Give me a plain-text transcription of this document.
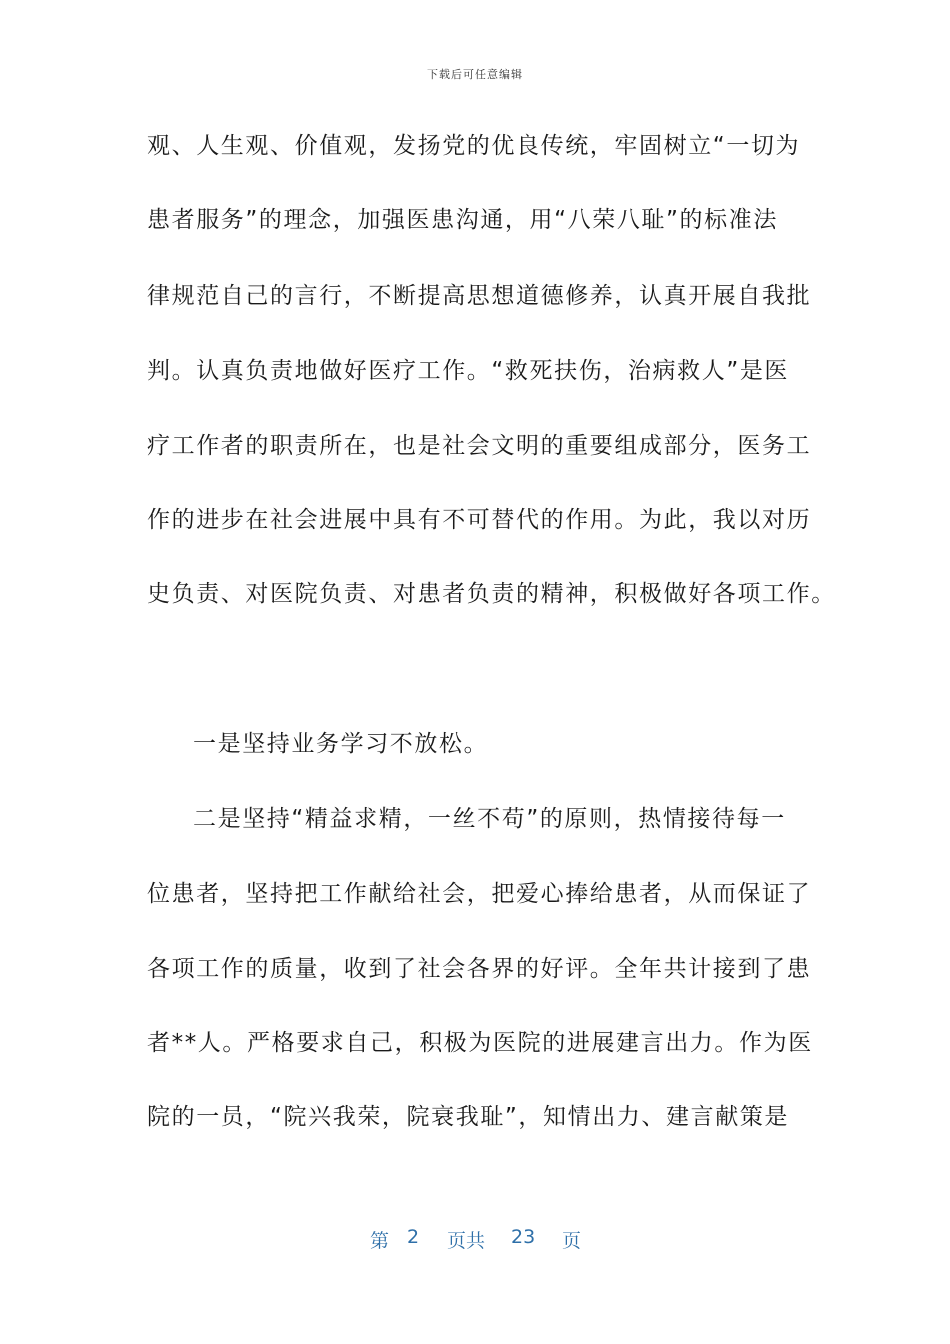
下载后可任意编辑
观、人生观、价值观，发扬党的优良传统，牢固树立“一切为
患者服务”的理念，加强医患沟通，用“八荣八耻”的标准法
律规范自己的言行，不断提高思想道德修养，认真开展自我批
判。认真负责地做好医疗工作。“救死扶伤，治病救人”是医
疗工作者的职责所在，也是社会文明的重要组成部分，医务工
作的进步在社会进展中具有不可替代的作用。为此，我以对历
史负责、对医院负责、对患者负责的精神，积极做好各项工作。
一是坚持业务学习不放松。
二是坚持“精益求精，一丝不苟”的原则，热情接待每一
位患者，坚持把工作献给社会，把爱心捧给患者，从而保证了
各项工作的质量，收到了社会各界的好评。全年共计接到了患
者**人。严格要求自己，积极为医院的进展建言出力。作为医
院的一员，“院兴我荣，院衰我耻”，知情出力、建言献策是
第 2 页共 23 页
